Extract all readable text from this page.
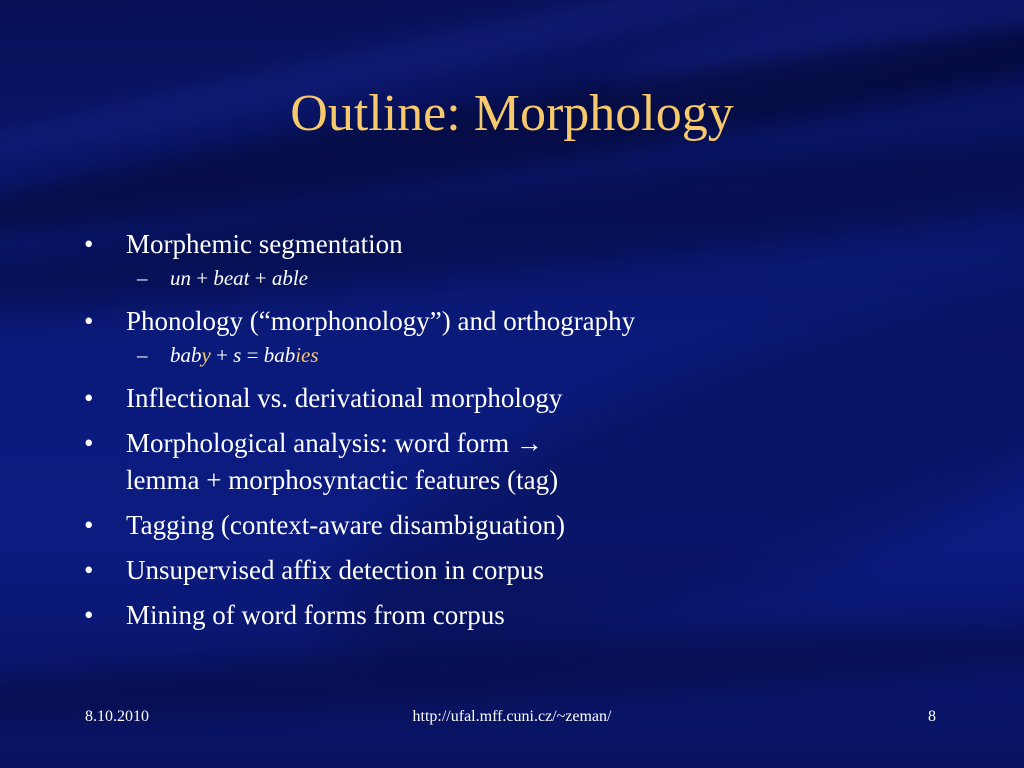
Outline: Morphology
• Morphemic segmentation
– un + beat + able
• Phonology (“morphonology”) and orthography
– baby + s = babies
• Inflectional vs. derivational morphology
• Morphological analysis: word form →
lemma + morphosyntactic features (tag)
• Tagging (context-aware disambiguation)
• Unsupervised affix detection in corpus
• Mining of word forms from corpus
8.10.2010	http://ufal.mff.cuni.cz/~zeman/	8
